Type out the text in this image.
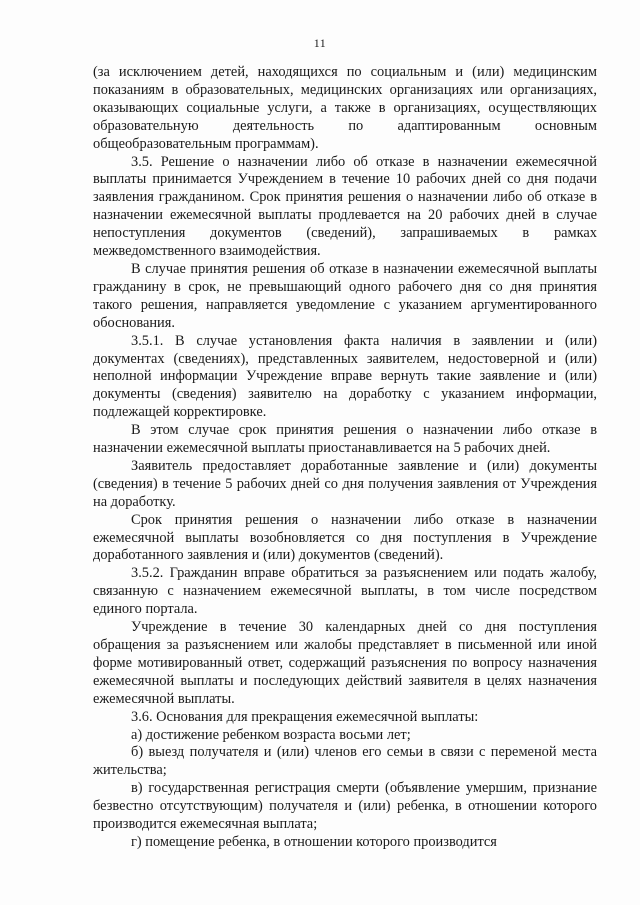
11

(за исключением детей, находящихся по социальным и (или) медицинским показаниям в образовательных, медицинских организациях или организациях, оказывающих социальные услуги, а также в организациях, осуществляющих образовательную деятельность по адаптированным основным общеобразовательным программам).

3.5. Решение о назначении либо об отказе в назначении ежемесячной выплаты принимается Учреждением в течение 10 рабочих дней со дня подачи заявления гражданином. Срок принятия решения о назначении либо об отказе в назначении ежемесячной выплаты продлевается на 20 рабочих дней в случае непоступления документов (сведений), запрашиваемых в рамках межведомственного взаимодействия.

В случае принятия решения об отказе в назначении ежемесячной выплаты гражданину в срок, не превышающий одного рабочего дня со дня принятия такого решения, направляется уведомление с указанием аргументированного обоснования.

3.5.1. В случае установления факта наличия в заявлении и (или) документах (сведениях), представленных заявителем, недостоверной и (или) неполной информации Учреждение вправе вернуть такие заявление и (или) документы (сведения) заявителю на доработку с указанием информации, подлежащей корректировке.

В этом случае срок принятия решения о назначении либо отказе в назначении ежемесячной выплаты приостанавливается на 5 рабочих дней.

Заявитель предоставляет доработанные заявление и (или) документы (сведения) в течение 5 рабочих дней со дня получения заявления от Учреждения на доработку.

Срок принятия решения о назначении либо отказе в назначении ежемесячной выплаты возобновляется со дня поступления в Учреждение доработанного заявления и (или) документов (сведений).

3.5.2. Гражданин вправе обратиться за разъяснением или подать жалобу, связанную с назначением ежемесячной выплаты, в том числе посредством единого портала.

Учреждение в течение 30 календарных дней со дня поступления обращения за разъяснением или жалобы представляет в письменной или иной форме мотивированный ответ, содержащий разъяснения по вопросу назначения ежемесячной выплаты и последующих действий заявителя в целях назначения ежемесячной выплаты.

3.6. Основания для прекращения ежемесячной выплаты:

а) достижение ребенком возраста восьми лет;

б) выезд получателя и (или) членов его семьи в связи с переменой места жительства;

в) государственная регистрация смерти (объявление умершим, признание безвестно отсутствующим) получателя и (или) ребенка, в отношении которого производится ежемесячная выплата;

г) помещение ребенка, в отношении которого производится
